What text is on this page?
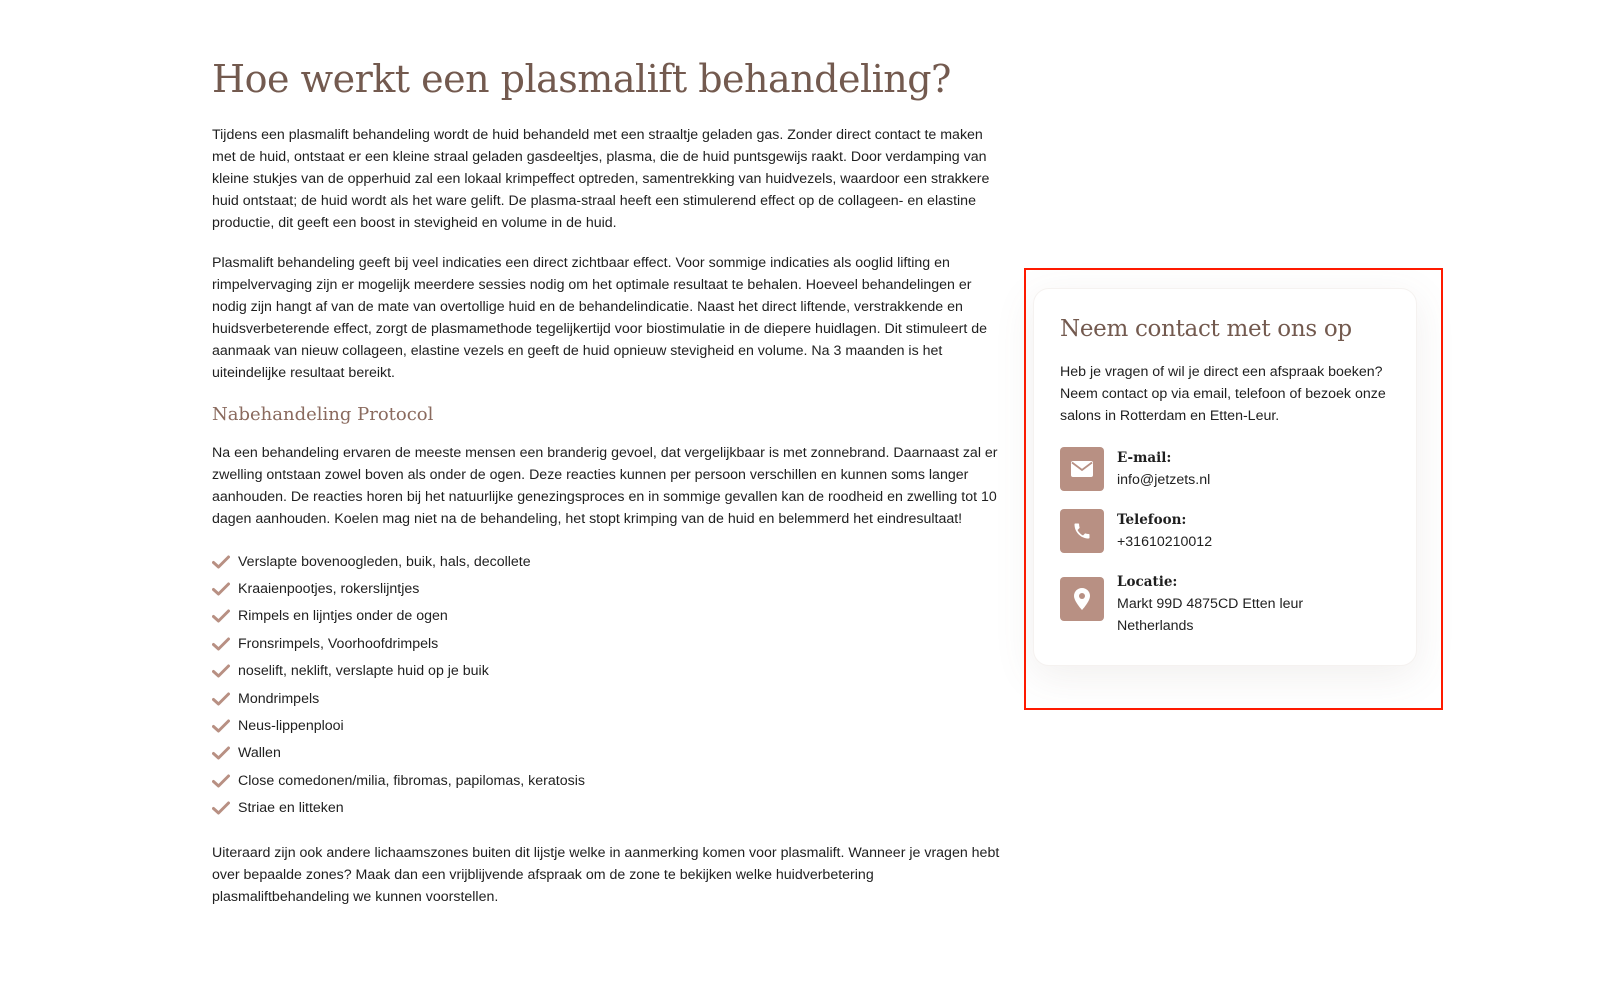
Hoe werkt een plasmalift behandeling?

Tijdens een plasmalift behandeling wordt de huid behandeld met een straaltje geladen gas. Zonder direct contact te maken met de huid, ontstaat er een kleine straal geladen gasdeeltjes, plasma, die de huid puntsgewijs raakt. Door verdamping van kleine stukjes van de opperhuid zal een lokaal krimpeffect optreden, samentrekking van huidvezels, waardoor een strakkere huid ontstaat; de huid wordt als het ware gelift. De plasma-straal heeft een stimulerend effect op de collageen- en elastine productie, dit geeft een boost in stevigheid en volume in de huid.

Plasmalift behandeling geeft bij veel indicaties een direct zichtbaar effect. Voor sommige indicaties als ooglid lifting en rimpelvervaging zijn er mogelijk meerdere sessies nodig om het optimale resultaat te behalen. Hoeveel behandelingen er nodig zijn hangt af van de mate van overtollige huid en de behandelindicatie. Naast het direct liftende, verstrakkende en huidsverbeterende effect, zorgt de plasmamethode tegelijkertijd voor biostimulatie in de diepere huidlagen. Dit stimuleert de aanmaak van nieuw collageen, elastine vezels en geeft de huid opnieuw stevigheid en volume. Na 3 maanden is het uiteindelijke resultaat bereikt.

Nabehandeling Protocol

Na een behandeling ervaren de meeste mensen een branderig gevoel, dat vergelijkbaar is met zonnebrand. Daarnaast zal er zwelling ontstaan zowel boven als onder de ogen. Deze reacties kunnen per persoon verschillen en kunnen soms langer aanhouden. De reacties horen bij het natuurlijke genezingsproces en in sommige gevallen kan de roodheid en zwelling tot 10 dagen aanhouden. Koelen mag niet na de behandeling, het stopt krimping van de huid en belemmerd het eindresultaat!

Verslapte bovenoogleden, buik, hals, decollete
Kraaienpootjes, rokerslijntjes
Rimpels en lijntjes onder de ogen
Fronsrimpels, Voorhoofdrimpels
noselift, neklift, verslapte huid op je buik
Mondrimpels
Neus-lippenplooi
Wallen
Close comedonen/milia, fibromas, papilomas, keratosis
Striae en litteken

Uiteraard zijn ook andere lichaamszones buiten dit lijstje welke in aanmerking komen voor plasmalift. Wanneer je vragen hebt over bepaalde zones? Maak dan een vrijblijvende afspraak om de zone te bekijken welke huidverbetering plasmaliftbehandeling we kunnen voorstellen.

Neem contact met ons op

Heb je vragen of wil je direct een afspraak boeken? Neem contact op via email, telefoon of bezoek onze salons in Rotterdam en Etten-Leur.

E-mail:
info@jetzets.nl
Telefoon:
+31610210012
Locatie:
Markt 99D 4875CD Etten leur
Netherlands
